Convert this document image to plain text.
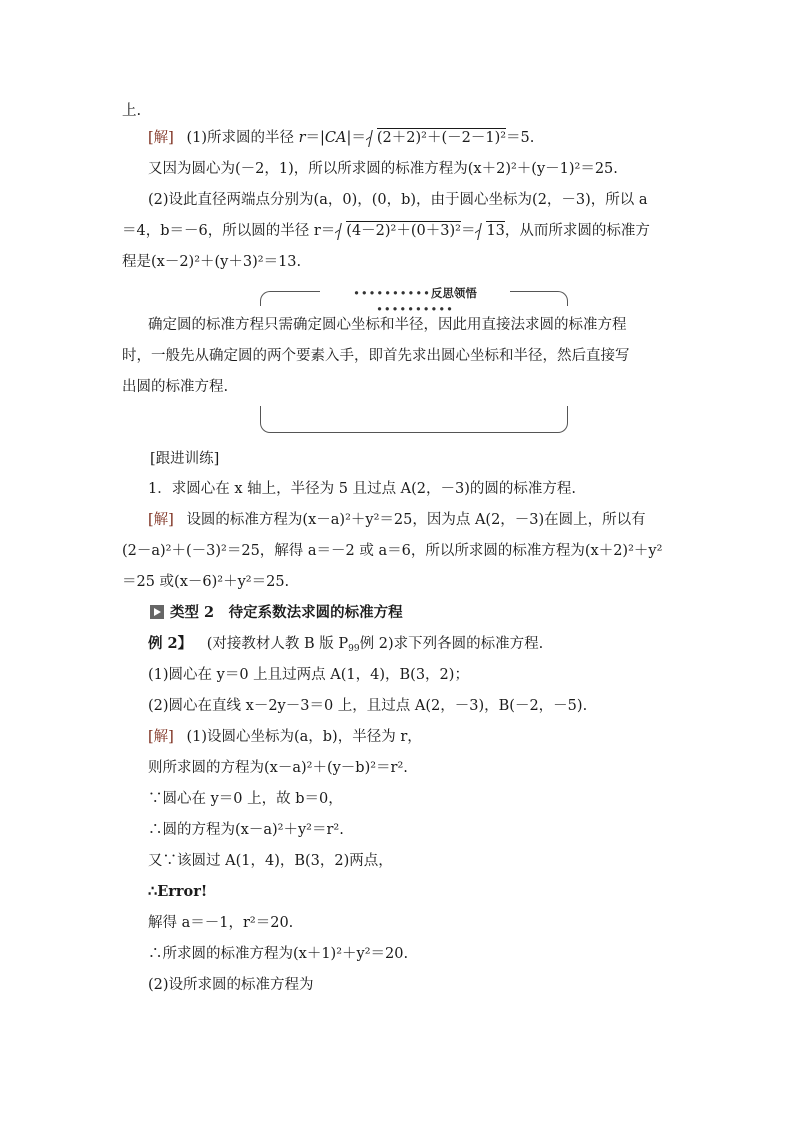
上.
[解] (1)所求圆的半径 r＝|CA|＝ (2＋2)²＋(－2－1)²＝5.
又因为圆心为(－2，1)，所以所求圆的标准方程为(x＋2)²＋(y－1)²＝25.
(2)设此直径两端点分别为(a，0)，(0，b)，由于圆心坐标为(2，－3)，所以 a
＝4，b＝－6，所以圆的半径 r＝ (4－2)²＋(0＋3)²＝ 13，从而所求圆的标准方
程是(x－2)²＋(y＋3)²＝13.
••••••••••反思领悟••••••••••
确定圆的标准方程只需确定圆心坐标和半径，因此用直接法求圆的标准方程
时，一般先从确定圆的两个要素入手，即首先求出圆心坐标和半径，然后直接写
出圆的标准方程.
[跟进训练]
1．求圆心在 x 轴上，半径为 5 且过点 A(2，－3)的圆的标准方程.
[解] 设圆的标准方程为(x－a)²＋y²＝25，因为点 A(2，－3)在圆上，所以有
(2－a)²＋(－3)²＝25，解得 a＝－2 或 a＝6，所以所求圆的标准方程为(x＋2)²＋y²
＝25 或(x－6)²＋y²＝25.
类型 2　待定系数法求圆的标准方程
例 2】 (对接教材人教 B 版 $P_{99}$例 2)求下列各圆的标准方程.
(1)圆心在 y＝0 上且过两点 A(1，4)，B(3，2)；
(2)圆心在直线 x－2y－3＝0 上，且过点 A(2，－3)，B(－2，－5).
[解] (1)设圆心坐标为(a，b)，半径为 r，
则所求圆的方程为(x－a)²＋(y－b)²＝r².
∵圆心在 y＝0 上，故 b＝0，
∴圆的方程为(x－a)²＋y²＝r².
又∵该圆过 A(1，4)，B(3，2)两点，
∴Error!
解得 a＝－1，r²＝20.
∴所求圆的标准方程为(x＋1)²＋y²＝20.
(2)设所求圆的标准方程为
